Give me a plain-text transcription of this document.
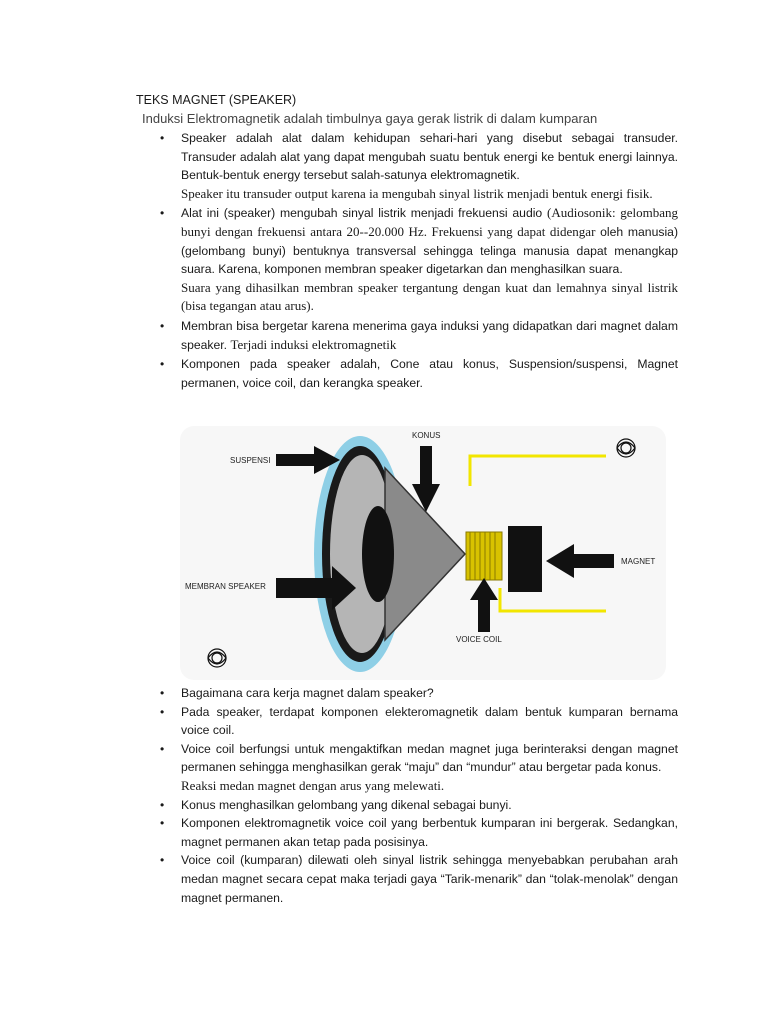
TEKS MAGNET (SPEAKER)
Induksi Elektromagnetik adalah timbulnya gaya gerak listrik di dalam kumparan
• Speaker adalah alat dalam kehidupan sehari-hari yang disebut sebagai transuder. Transuder adalah alat yang dapat mengubah suatu bentuk energi ke bentuk energi lainnya. Bentuk-bentuk energy tersebut salah-satunya elektromagnetik.
Speaker itu transuder output karena ia mengubah sinyal listrik menjadi bentuk energi fisik.
• Alat ini (speaker) mengubah sinyal listrik menjadi frekuensi audio (Audiosonik: gelombang bunyi dengan frekuensi antara 20--20.000 Hz. Frekuensi yang dapat didengar oleh manusia) (gelombang bunyi) bentuknya transversal sehingga telinga manusia dapat menangkap suara. Karena, komponen membran speaker digetarkan dan menghasilkan suara.
Suara yang dihasilkan membran speaker tergantung dengan kuat dan lemahnya sinyal listrik (bisa tegangan atau arus).
• Membran bisa bergetar karena menerima gaya induksi yang didapatkan dari magnet dalam speaker. Terjadi induksi elektromagnetik
• Komponen pada speaker adalah, Cone atau konus, Suspension/suspensi, Magnet permanen, voice coil, dan kerangka speaker.
SUSPENSI
KONUS
MEMBRAN SPEAKER
MAGNET
VOICE COIL
• Bagaimana cara kerja magnet dalam speaker?
• Pada speaker, terdapat komponen elekteromagnetik dalam bentuk kumparan bernama voice coil.
• Voice coil berfungsi untuk mengaktifkan medan magnet juga berinteraksi dengan magnet permanen sehingga menghasilkan gerak “maju” dan “mundur” atau bergetar pada konus.
Reaksi medan magnet dengan arus yang melewati.
• Konus menghasilkan gelombang yang dikenal sebagai bunyi.
• Komponen elektromagnetik voice coil yang berbentuk kumparan ini bergerak. Sedangkan, magnet permanen akan tetap pada posisinya.
• Voice coil (kumparan) dilewati oleh sinyal listrik sehingga menyebabkan perubahan arah medan magnet secara cepat maka terjadi gaya “Tarik-menarik” dan “tolak-menolak” dengan magnet permanen.
